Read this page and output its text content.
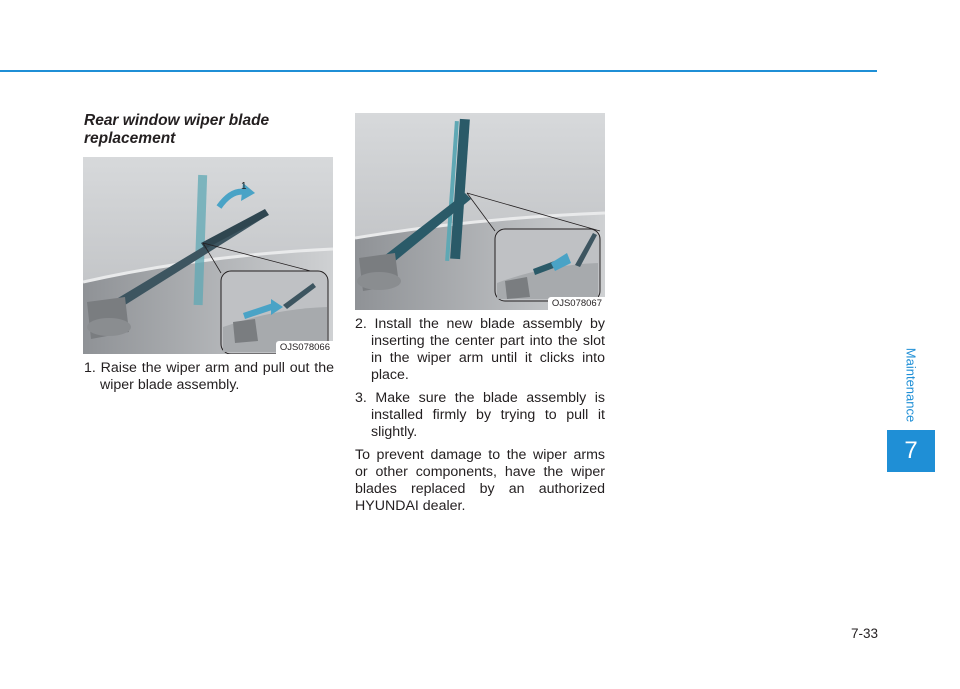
Rear window wiper blade replacement
1
OJS078066

1. Raise the wiper arm and pull out the wiper blade assembly.

OJS078067

2. Install the new blade assembly by inserting the center part into the slot in the wiper arm until it clicks into place.

3. Make sure the blade assembly is installed firmly by trying to pull it slightly.

To prevent damage to the wiper arms or other components, have the wiper blades replaced by an authorized HYUNDAI dealer.

Maintenance
7
7-33
